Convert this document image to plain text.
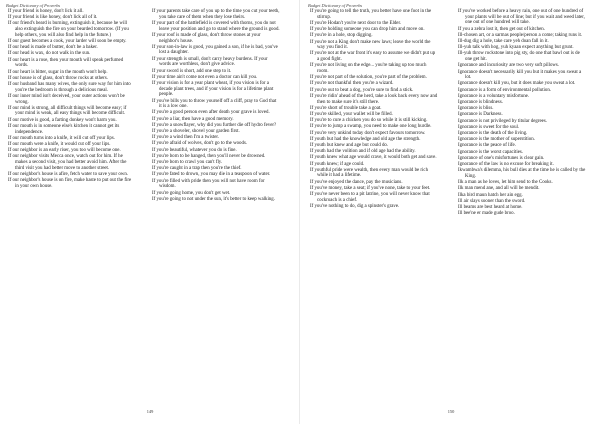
Budget Dictionary of Proverbs

If your friend is honey, don't lick it all.

If your friend is like honey, don't lick all of it.

If our friend's beard is burning, extinguish it, because he will also extinguish the fire on your bearded tomorrow. (If you help others, you will also find help in the future.)

If our guest becomes a cook, your larder will soon be empty.

If our head is made of butter, don't be a baker.

If our head is wax, do not walk in the sun.

If our heart is a rose, then your mouth will speak perfumed words.

If our heart is bitter, sugar in the mouth won't help.

If our house is of glass, don't throw rocks at others.

If our husband has many wives, the only sure way for him into you're the bedroom is through a delicious meal.

If our inner mind isn't deceived, your outer actions won't be wrong.

If our mind is strong, all difficult things will become easy; if your mind is weak, all easy things will become difficult.

If our motive is good, a farting donkey won't harm you.

If our mouth is in someone else's kitchen it cannot get its independence.

If our mouth turns into a knife, it will cut off your lips.

If our mouth were a knife, it would cut off your lips.

If our neighbor is an early riser, you too will become one.

If our neighbor visits Mecca once, watch out for him. If he makes a second visit, you had better avoid him. After the third visit you had better move to another street.

If our neighbor's house is afire, fetch water to save your own.

If our neighbor's house is on fire, make haste to put out the fire in your own house.

If your parents take care of you up to the time you cut your teeth, you take care of them when they lose theirs.

If your part of the battlefield is covered with thorns, you do not leave your position and go to stand where the ground is good.

If your roof is made of glass, don't throw stones at your neighbor's house.

If your son-in-law is good, you gained a son, if he is bad, you've lost a daughter.

If your strength is small, don't carry heavy burdens. If your words are worthless, don't give advice.

If your sword is short, add one step to it.

If your time ain't come not even a doctor can kill you.

If your vision is for a year plant wheat, if you vision is for a decade plant trees, and if your vision is for a lifetime plant people.

If you've bills you to throw yourself off a cliff, pray to God that it is a low one.

If you're a good person even after death your grave is loved.

If you're a liar, then have a good memory.

If you're a snowflayer, why did you further die off hydro fever?

If you're a shoveler, shovel your garden first.

If you're a wind then I'm a twister.

If you're afraid of wolves, don't go to the woods.

If you're beautiful, whatever you do is fine.

If you're born to be hanged, then you'll never be drowned.

If you're born to crawl you can't fly.

If you're caught in a trap then you're the thief.

If you're fated to drown, you may die in a teaspoon of water.

If you're filled with pride then you will not have room for wisdom.

If you're going home, you don't get wet.

If you're going to not under the sun, it's better to keep walking.

149
Budget Dictionary of Proverbs

If you're going to tell the truth, you better have one foot in the stirrup.

If you're Hodan't you're next door to the Elder.

If you're holding someone you can drop him and move on.

If you're in a hole, stop digging.

If you're not a King don't make new laws; leave the world the way you find it.

If you're not at the war front it's easy to assume we didn't put up a good fight.

If you're not living on the edge... you're taking up too much room.

If you're not part of the solution, you're part of the problem.

If you're not thankful then you're a wizard.

If you're out to beat a dog, you're sure to find a stick.

If you're ridin' ahead of the herd, take a look back every now and then to make sure it's still there.

If you're short of trouble take a goat.

If you're skilled, your wallet will be filled.

If you're to cure a chicken you do so while it is still kicking.

If you're to jump a swamp, you need to make one long hurdle.

If you're very unkind today don't expect favours tomorrow.

If youth but had the knowledge and old age the strength.

If youth but knew and age but could do.

If youth had the volition and if old age had the ability.

If youth knew what age would crave, it would both get and save.

If youth knew; if age could.

If youthful pride were wealth, then every man would be rich while it had a lifetime.

If you've enjoyed the dance, pay the musicians.

If you've money, take a seat; if you've none, take to your feet.

If you've never been to a pit latrine, you will never know that cockroach is a chief.

If you've nothing to do, dig a spinster's grave.

If you've worked before a heavy rain, one out of one hundred of your plants will be out of line; but if you wait and weed later, one out of one hundred will take.

If you a zebra lost it, then get out of kitchen.

Ill-chosen art, or a sarmas people/person a come; taking runs it.

Ill-dug dig a hole, take care yeh doan fall in it.

Ill-yuh talk with hog, yuh kyaan expect anything but grunt.

Ill-yuh throw rockstone into pig sty, do one that bawl out is de one get hit.

Ignorance and incuriosity are two very soft pillows.

Ignorance doesn't necessarily kill you but it makes you sweat a lot.

Ignorance doesn't kill you, but it does make you sweat a lot.

Ignorance is a form of environmental pollution.

Ignorance is a voluntary misfortune.

Ignorance is blindness.

Ignorance is bliss.

Ignorance is Darkness.

Ignorance is not privileged by titular degrees.

Ignorance is sweet for the soul.

Ignorance is the death of the living.

Ignorance is the mother of superstition.

Ignorance is the peace of life.

Ignorance is the worst capacities.

Ignorance of one's misfortunes is clear gain.

Ignorance of the law is no excuse for breaking it.

Ikwambwa's dilemma, his bull dies at the time he is called by the King.

Ilk a man as he loves, let him send to the Cooks.

Ilk man mend ane, and all will be mendit.

Ilka bird maun hatch her ain egg.

Ill air slays sooner than the sword.

Ill beams are best heard at home.

Ill bee'ne er made gude broo.

150
